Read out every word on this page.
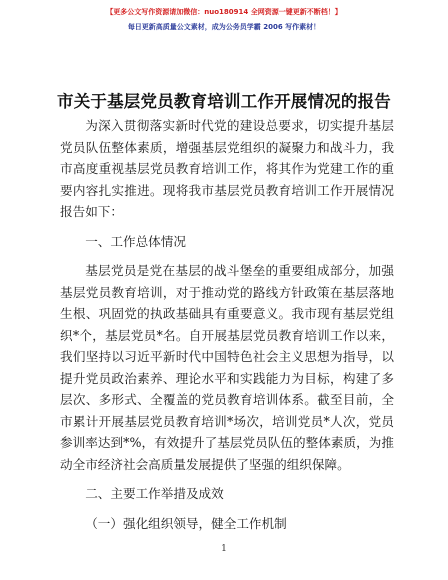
【更多公文写作资源请加微信：nuo180914 全网资源一键更新不断档！】
每日更新高质量公文素材，成为公务员学霸 2006 写作素材！
市关于基层党员教育培训工作开展情况的报告

为深入贯彻落实新时代党的建设总要求，切实提升基层党员队伍整体素质，增强基层党组织的凝聚力和战斗力，我市高度重视基层党员教育培训工作，将其作为党建工作的重要内容扎实推进。现将我市基层党员教育培训工作开展情况报告如下：

一、工作总体情况

基层党员是党在基层的战斗堡垒的重要组成部分，加强基层党员教育培训，对于推动党的路线方针政策在基层落地生根、巩固党的执政基础具有重要意义。我市现有基层党组织*个，基层党员*名。自开展基层党员教育培训工作以来，我们坚持以习近平新时代中国特色社会主义思想为指导，以提升党员政治素养、理论水平和实践能力为目标，构建了多层次、多形式、全覆盖的党员教育培训体系。截至目前，全市累计开展基层党员教育培训*场次，培训党员*人次，党员参训率达到*%，有效提升了基层党员队伍的整体素质，为推动全市经济社会高质量发展提供了坚强的组织保障。

二、主要工作举措及成效

（一）强化组织领导，健全工作机制

1
